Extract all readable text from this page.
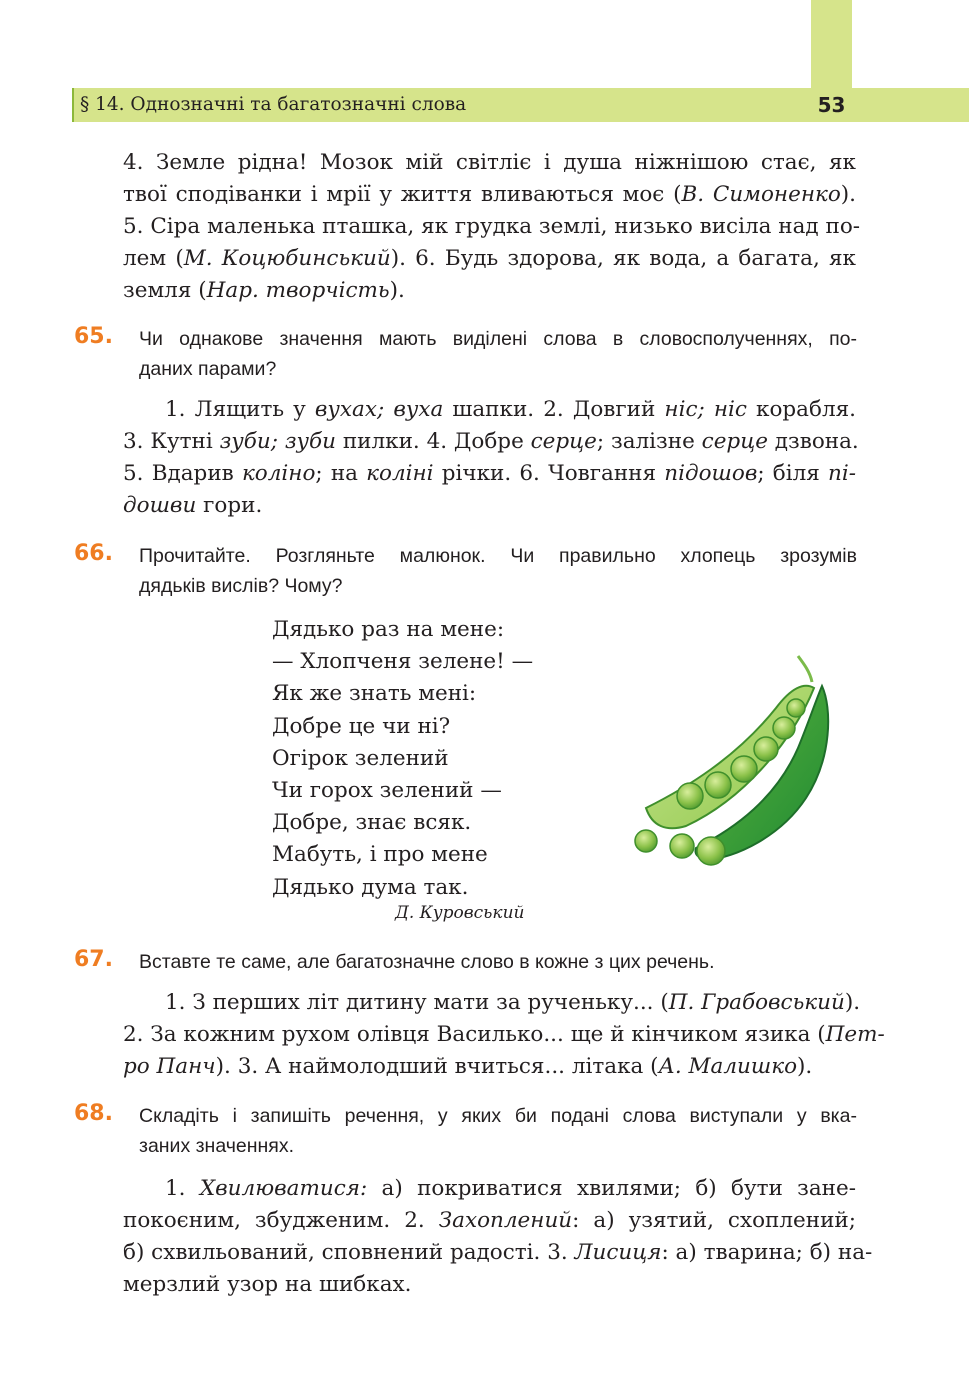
§ 14. Однозначні та багатозначні слова	53
4. Земле рідна! Мозок мій світліє і душа ніжнішою стає, як
твої сподіванки і мрії у життя вливаються моє (В. Симоненко).
5. Сіра маленька пташка, як грудка землі, низько висіла над по-
лем (М. Коцюбинський). 6. Будь здорова, як вода, а багата, як
земля (Нар. творчість).
65. Чи однакове значення мають виділені слова в словосполученнях, по-
даних парами?
1. Лящить у вухах; вуха шапки. 2. Довгий ніс; ніс корабля.
3. Кутні зуби; зуби пилки. 4. Добре серце; залізне серце дзвона.
5. Вдарив коліно; на коліні річки. 6. Човгання підошов; біля пі-
дошви гори.
66. Прочитайте. Розгляньте малюнок. Чи правильно хлопець зрозумів
дядьків вислів? Чому?
Дядько раз на мене:
— Хлопченя зелене! —
Як же знать мені:
Добре це чи ні?
Огірок зелений
Чи горох зелений —
Добре, знає всяк.
Мабуть, і про мене
Дядько дума так.
Д. Куровський
67. Вставте те саме, але багатозначне слово в кожне з цих речень.
1. З перших літ дитину мати за рученьку... (П. Грабовський).
2. За кожним рухом олівця Василько... ще й кінчиком язика (Пет-
ро Панч). 3. А наймолодший вчиться... літака (А. Малишко).
68. Складіть і запишіть речення, у яких би подані слова виступали у вка-
заних значеннях.
1. Хвилюватися: а) покриватися хвилями; б) бути зане-
покоєним, збудженим. 2. Захоплений: а) узятий, схоплений;
б) схвильований, сповнений радості. 3. Лисиця: а) тварина; б) на-
мерзлий узор на шибках.
